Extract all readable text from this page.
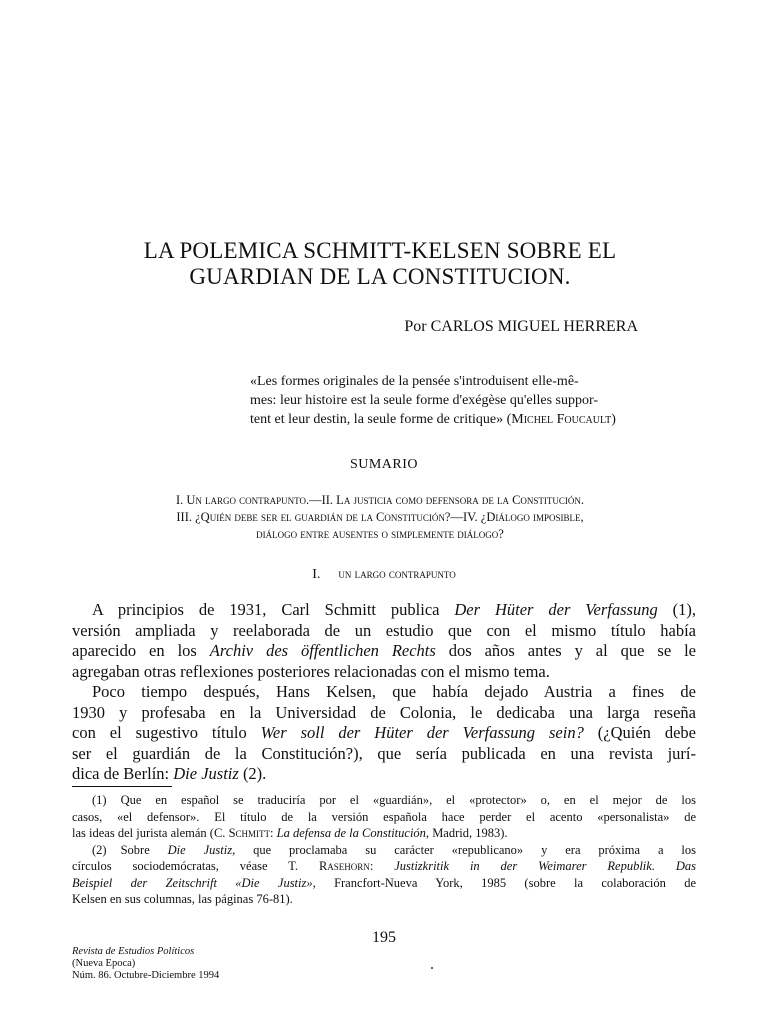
LA POLEMICA SCHMITT-KELSEN SOBRE EL
GUARDIAN DE LA CONSTITUCION.
Por CARLOS MIGUEL HERRERA
«Les formes originales de la pensée s'introduisent elle-mê-
mes: leur histoire est la seule forme d'exégèse qu'elles suppor-
tent et leur destin, la seule forme de critique» (Michel Foucault)
SUMARIO
I. Un largo contrapunto.—II. La justicia como defensora de la Constitución.
III. ¿Quién debe ser el guardián de la Constitución?—IV. ¿Diálogo imposible,
diálogo entre ausentes o simplemente diálogo?
I. un largo contrapunto

A principios de 1931, Carl Schmitt publica Der Hüter der Verfassung (1),
versión ampliada y reelaborada de un estudio que con el mismo título había
aparecido en los Archiv des öffentlichen Rechts dos años antes y al que se le
agregaban otras reflexiones posteriores relacionadas con el mismo tema.

Poco tiempo después, Hans Kelsen, que había dejado Austria a fines de
1930 y profesaba en la Universidad de Colonia, le dedicaba una larga reseña
con el sugestivo título Wer soll der Hüter der Verfassung sein? (¿Quién debe
ser el guardián de la Constitución?), que sería publicada en una revista jurí-
dica de Berlín: Die Justiz (2).

(1) Que en español se traduciría por el «guardián», el «protector» o, en el mejor de los
casos, «el defensor». El título de la versión española hace perder el acento «personalista» de
las ideas del jurista alemán (C. Schmitt: La defensa de la Constitución, Madrid, 1983).
(2) Sobre Die Justiz, que proclamaba su carácter «republicano» y era próxima a los
círculos sociodemócratas, véase T. Rasehorn: Justizkritik in der Weimarer Republik. Das
Beispiel der Zeitschrift «Die Justiz», Francfort-Nueva York, 1985 (sobre la colaboración de
Kelsen en sus columnas, las páginas 76-81).
195
Revista de Estudios Políticos
(Nueva Epoca)
Núm. 86. Octubre-Diciembre 1994
